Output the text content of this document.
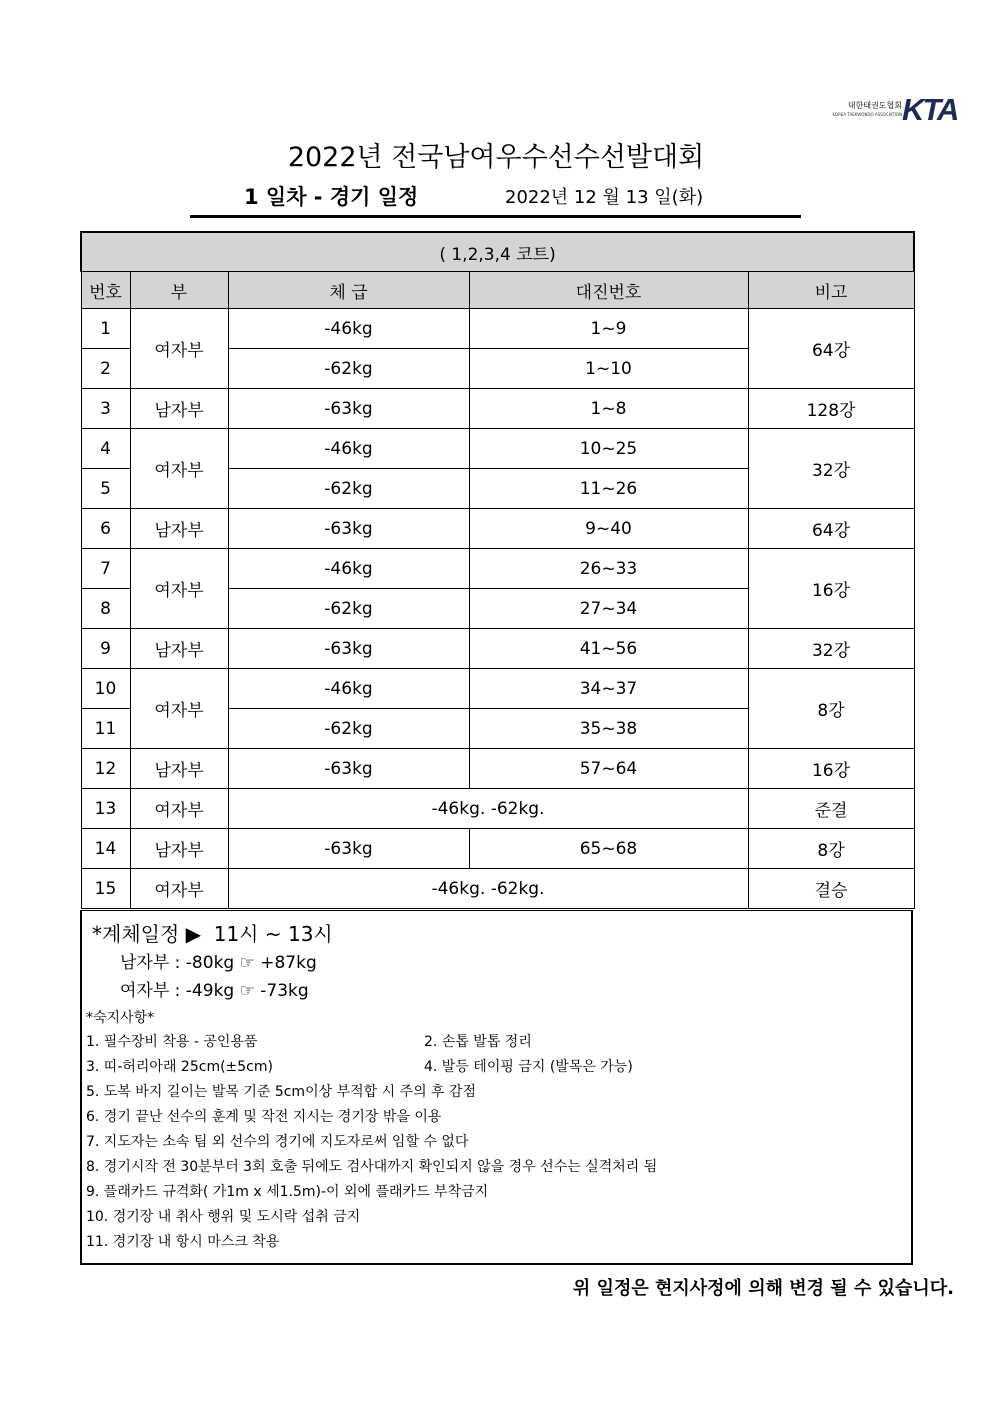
대한태권도협회
KOREA TAEKWONDO ASSOCIATION KTA
2022년 전국남여우수선수선발대회
1 일차 - 경기 일정	2022년 12 월 13 일(화)
( 1,2,3,4 코트)				
번호	부	체 급	대진번호	비고
1	여자부	-46kg	1~9	64강
2		-62kg	1~10	
3	남자부	-63kg	1~8	128강
4	여자부	-46kg	10~25	32강
5		-62kg	11~26	
6	남자부	-63kg	9~40	64강
7	여자부	-46kg	26~33	16강
8		-62kg	27~34	
9	남자부	-63kg	41~56	32강
10	여자부	-46kg	34~37	8강
11		-62kg	35~38	
12	남자부	-63kg	57~64	16강
13	여자부	-46kg. -62kg.		준결
14	남자부	-63kg	65~68	8강
15	여자부	-46kg. -62kg.		결승
*계체일정 ▶  11시 ~ 13시
남자부 : -80kg ☞ +87kg
여자부 : -49kg ☞ -73kg
*숙지사항*
1. 필수장비 착용 - 공인용품	2. 손톱 발톱 정리
3. 띠-허리아래 25cm(±5cm)	4. 발등 테이핑 금지 (발목은 가능)
5. 도복 바지 길이는 발목 기준 5cm이상 부적합 시 주의 후 감점
6. 경기 끝난 선수의 훈계 및 작전 지시는 경기장 밖을 이용
7. 지도자는 소속 팀 외 선수의 경기에 지도자로써 임할 수 없다
8. 경기시작 전 30분부터 3회 호출 뒤에도 검사대까지 확인되지 않을 경우 선수는 실격처리 됨
9. 플래카드 규격화( 가1m x 세1.5m)-이 외에 플래카드 부착금지
10. 경기장 내 취사 행위 및 도시락 섭취 금지
11. 경기장 내 항시 마스크 착용
위 일정은 현지사정에 의해 변경 될 수 있습니다.
